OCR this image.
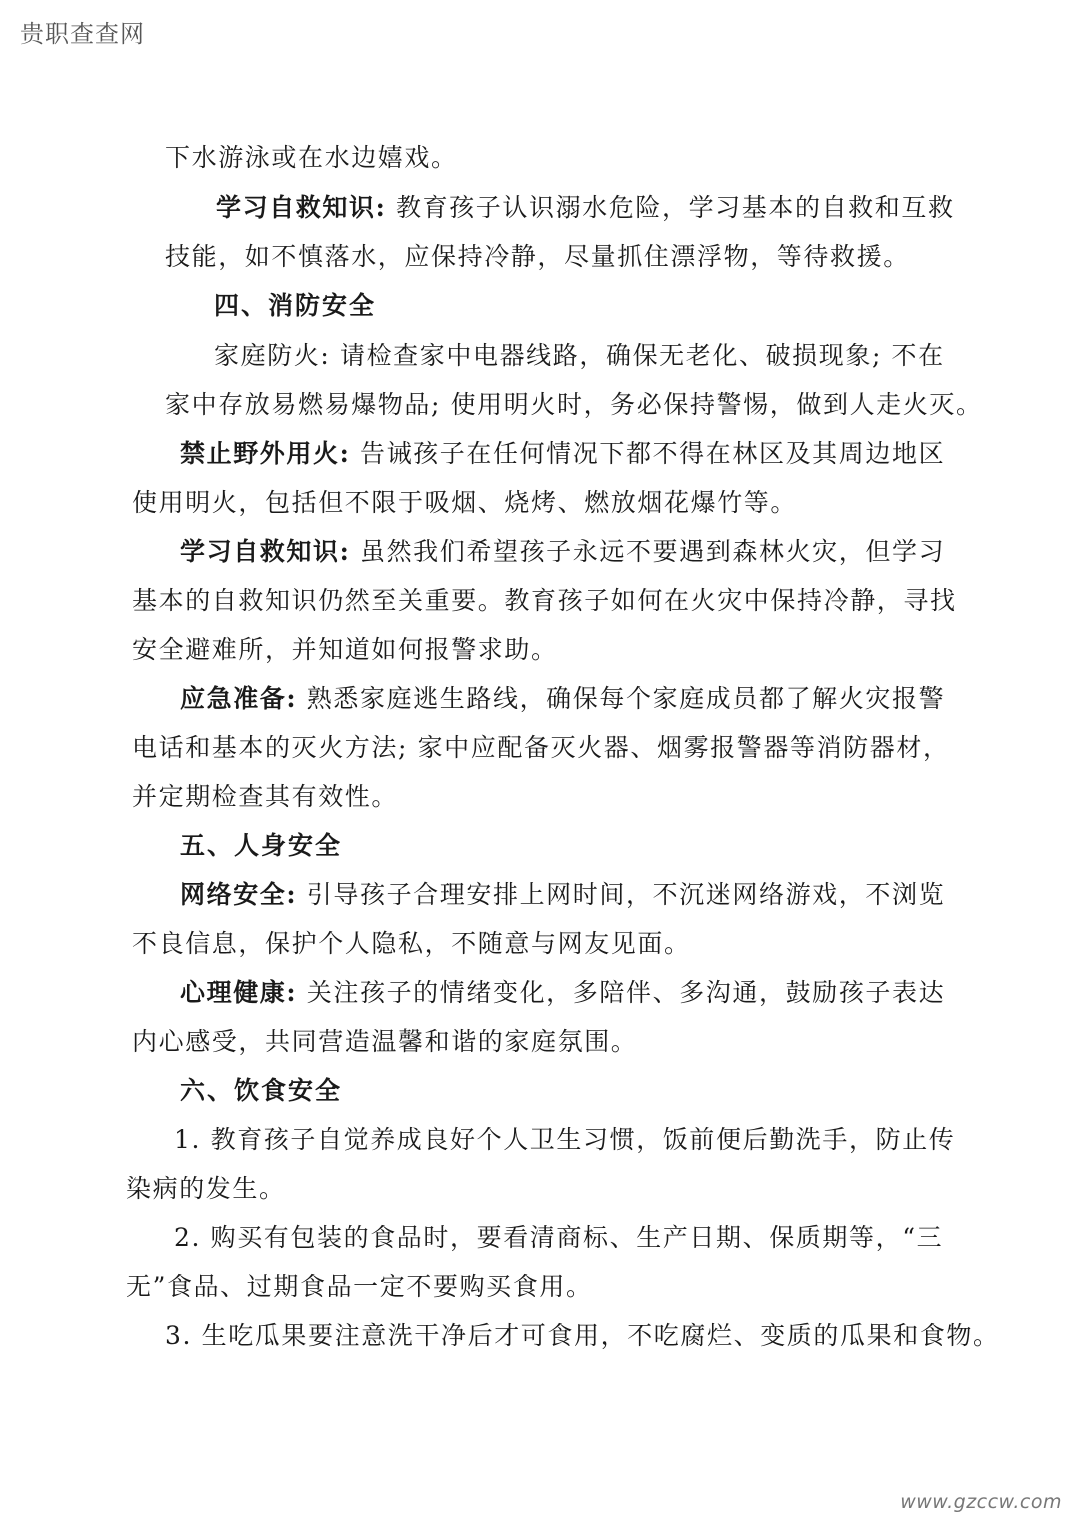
贵职查查网
下水游泳或在水边嬉戏。
学习自救知识: 教育孩子认识溺水危险，学习基本的自救和互救
技能，如不慎落水，应保持冷静，尽量抓住漂浮物，等待救援。
四、消防安全
家庭防火: 请检查家中电器线路，确保无老化、破损现象; 不在
家中存放易燃易爆物品; 使用明火时，务必保持警惕，做到人走火灭。
禁止野外用火: 告诫孩子在任何情况下都不得在林区及其周边地区
使用明火，包括但不限于吸烟、烧烤、燃放烟花爆竹等。
学习自救知识: 虽然我们希望孩子永远不要遇到森林火灾，但学习
基本的自救知识仍然至关重要。教育孩子如何在火灾中保持冷静，寻找
安全避难所，并知道如何报警求助。
应急准备: 熟悉家庭逃生路线，确保每个家庭成员都了解火灾报警
电话和基本的灭火方法; 家中应配备灭火器、烟雾报警器等消防器材，
并定期检查其有效性。
五、人身安全
网络安全: 引导孩子合理安排上网时间，不沉迷网络游戏，不浏览
不良信息，保护个人隐私，不随意与网友见面。
心理健康: 关注孩子的情绪变化，多陪伴、多沟通，鼓励孩子表达
内心感受，共同营造温馨和谐的家庭氛围。
六、饮食安全
1. 教育孩子自觉养成良好个人卫生习惯，饭前便后勤洗手，防止传
染病的发生。
2. 购买有包装的食品时，要看清商标、生产日期、保质期等，“三
无”食品、过期食品一定不要购买食用。
3. 生吃瓜果要注意洗干净后才可食用，不吃腐烂、变质的瓜果和食物。
www.gzccw.com
